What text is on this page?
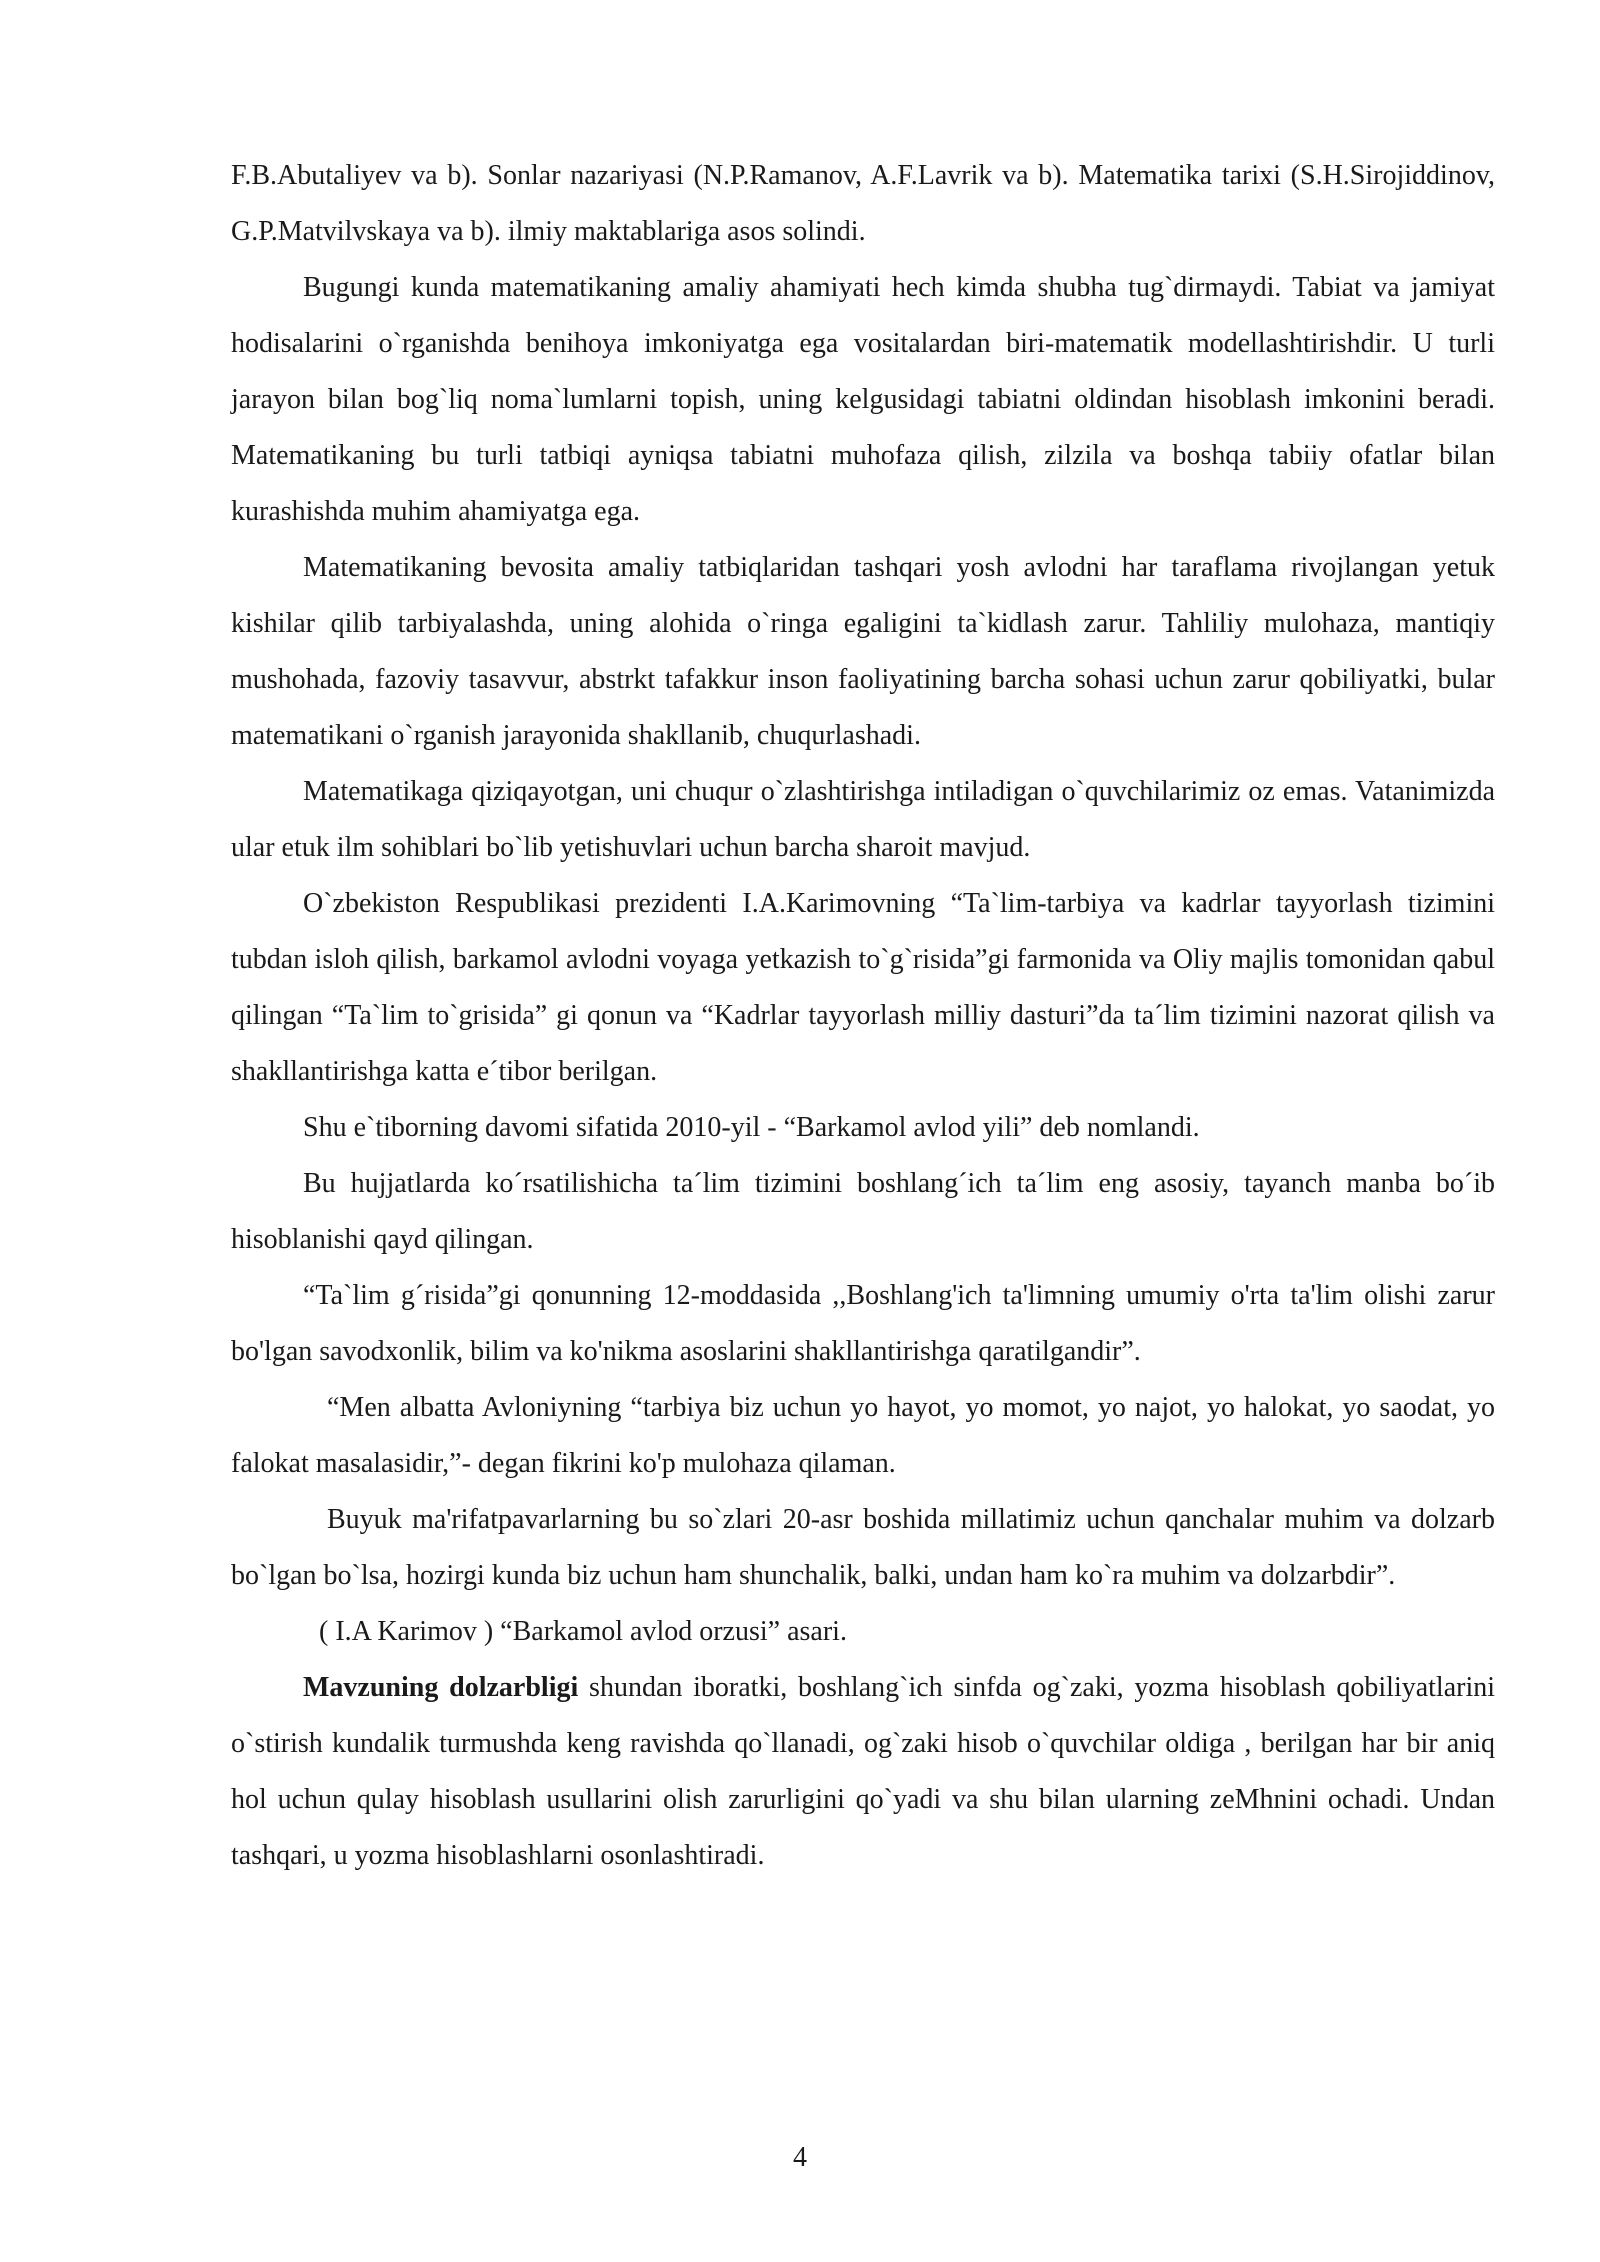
F.B.Abutaliyev va b). Sonlar nazariyasi (N.P.Ramanov, A.F.Lavrik va b). Matematika tarixi (S.H.Sirojiddinov, G.P.Matvilvskaya va b). ilmiy maktablariga asos solindi.

Bugungi kunda matematikaning amaliy ahamiyati hech kimda shubha tug`dirmaydi. Tabiat va jamiyat hodisalarini o`rganishda benihoya imkoniyatga ega vositalardan biri-matematik modellashtirishdir. U turli jarayon bilan bog`liq noma`lumlarni topish, uning kelgusidagi tabiatni oldindan hisoblash imkonini beradi. Matematikaning bu turli tatbiqi ayniqsa tabiatni muhofaza qilish, zilzila va boshqa tabiiy ofatlar bilan kurashishda muhim ahamiyatga ega.

Matematikaning bevosita amaliy tatbiqlaridan tashqari yosh avlodni har taraflama rivojlangan yetuk kishilar qilib tarbiyalashda, uning alohida o`ringa egaligini ta`kidlash zarur. Tahliliy mulohaza, mantiqiy mushohada, fazoviy tasavvur, abstrkt tafakkur inson faoliyatining barcha sohasi uchun zarur qobiliyatki, bular matematikani o`rganish jarayonida shakllanib, chuqurlashadi.

Matematikaga qiziqayotgan, uni chuqur o`zlashtirishga intiladigan o`quvchilarimiz oz emas. Vatanimizda ular etuk ilm sohiblari bo`lib yetishuvlari uchun barcha sharoit mavjud.

O`zbekiston Respublikasi prezidenti I.A.Karimovning “Ta`lim-tarbiya va kadrlar tayyorlash tizimini tubdan isloh qilish, barkamol avlodni voyaga yetkazish to`g`risida”gi farmonida va Oliy majlis tomonidan qabul qilingan “Ta`lim to`grisida” gi qonun va “Kadrlar tayyorlash milliy dasturi”da ta´lim tizimini nazorat qilish va shakllantirishga katta e´tibor berilgan.

Shu e`tiborning davomi sifatida 2010-yil - “Barkamol avlod yili” deb nomlandi.

Bu hujjatlarda ko´rsatilishicha ta´lim tizimini boshlang´ich ta´lim eng asosiy, tayanch manba bo´ib hisoblanishi qayd qilingan.

“Ta`lim g´risida”gi qonunning 12-moddasida ,,Boshlang'ich ta'limning umumiy o'rta ta'lim olishi zarur bo'lgan savodxonlik, bilim va ko'nikma asoslarini shakllantirishga qaratilgandir”.

“Men albatta Avloniyning “tarbiya biz uchun yo hayot, yo momot, yo najot, yo halokat, yo saodat, yo falokat masalasidir,”- degan fikrini ko'p mulohaza qilaman.

Buyuk ma'rifatpavarlarning bu so`zlari 20-asr boshida millatimiz uchun qanchalar muhim va dolzarb bo`lgan bo`lsa, hozirgi kunda biz uchun ham shunchalik, balki, undan ham ko`ra muhim va dolzarbdir”.

( I.A Karimov ) “Barkamol avlod orzusi” asari.

Mavzuning dolzarbligi shundan iboratki, boshlang`ich sinfda og`zaki, yozma hisoblash qobiliyatlarini o`stirish kundalik turmushda keng ravishda qo`llanadi, og`zaki hisob o`quvchilar oldiga , berilgan har bir aniq hol uchun qulay hisoblash usullarini olish zarurligini qo`yadi va shu bilan ularning zeMhnini ochadi. Undan tashqari, u yozma hisoblashlarni osonlashtiradi.

4
